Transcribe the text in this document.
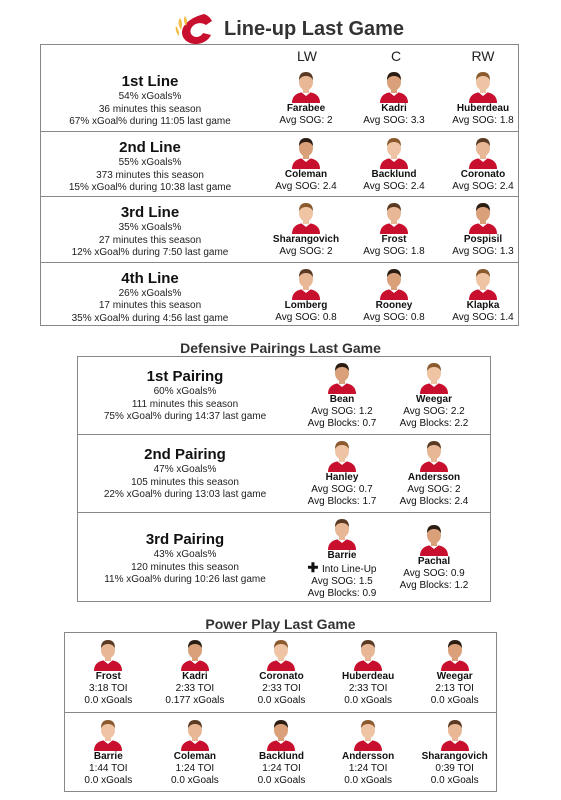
Line-up Last Game
LW	C	RW
1st Line
54% xGoals%
36 minutes this season
67% xGoal% during 11:05 last game
Farabee
Avg SOG: 2
Kadri
Avg SOG: 3.3
Huberdeau
Avg SOG: 1.8
2nd Line
55% xGoals%
373 minutes this season
15% xGoal% during 10:38 last game
Coleman
Avg SOG: 2.4
Backlund
Avg SOG: 2.4
Coronato
Avg SOG: 2.4
3rd Line
35% xGoals%
27 minutes this season
12% xGoal% during 7:50 last game
Sharangovich
Avg SOG: 2
Frost
Avg SOG: 1.8
Pospisil
Avg SOG: 1.3
4th Line
26% xGoals%
17 minutes this season
35% xGoal% during 4:56 last game
Lomberg
Avg SOG: 0.8
Rooney
Avg SOG: 0.8
Klapka
Avg SOG: 1.4
Defensive Pairings Last Game
1st Pairing
60% xGoals%
111 minutes this season
75% xGoal% during 14:37 last game
Bean
Avg SOG: 1.2
Avg Blocks: 0.7
Weegar
Avg SOG: 2.2
Avg Blocks: 2.2
2nd Pairing
47% xGoals%
105 minutes this season
22% xGoal% during 13:03 last game
Hanley
Avg SOG: 0.7
Avg Blocks: 1.7
Andersson
Avg SOG: 2
Avg Blocks: 2.4
3rd Pairing
43% xGoals%
120 minutes this season
11% xGoal% during 10:26 last game
Barrie
✚ Into Line-Up
Avg SOG: 1.5
Avg Blocks: 0.9
Pachal
Avg SOG: 0.9
Avg Blocks: 1.2
Power Play Last Game
Frost
3:18 TOI
0.0 xGoals
Kadri
2:33 TOI
0.177 xGoals
Coronato
2:33 TOI
0.0 xGoals
Huberdeau
2:33 TOI
0.0 xGoals
Weegar
2:13 TOI
0.0 xGoals
Barrie
1:44 TOI
0.0 xGoals
Coleman
1:24 TOI
0.0 xGoals
Backlund
1:24 TOI
0.0 xGoals
Andersson
1:24 TOI
0.0 xGoals
Sharangovich
0:39 TOI
0.0 xGoals
